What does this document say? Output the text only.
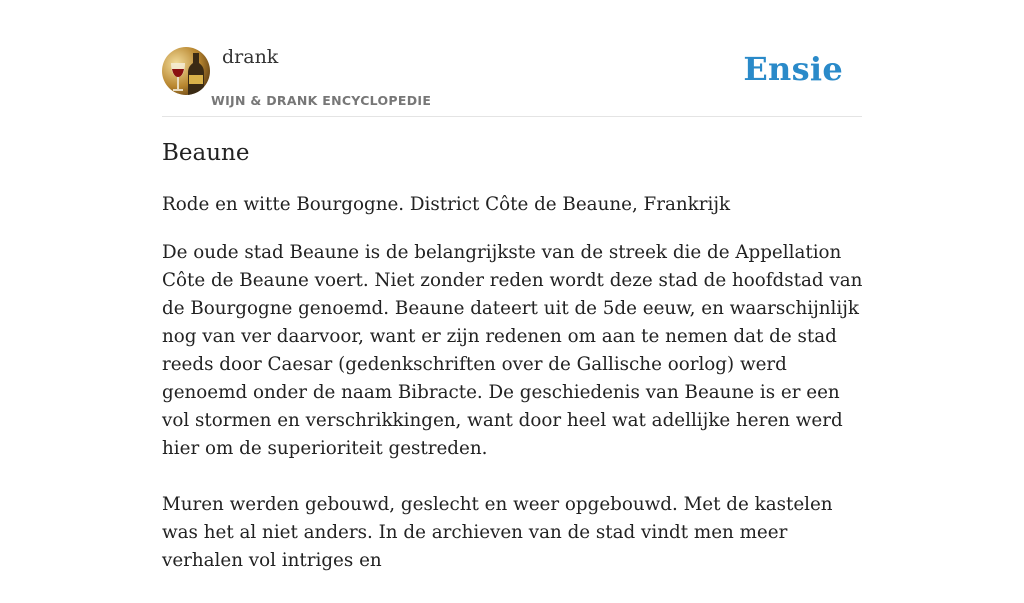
drank
WIJN & DRANK ENCYCLOPEDIE
Ensie
Beaune
Rode en witte Bourgogne. District Côte de Beaune, Frankrijk

De oude stad Beaune is de belangrijkste van de streek die de Appellation Côte de Beaune voert. Niet zonder reden wordt deze stad de hoofdstad van de Bourgogne genoemd. Beaune dateert uit de 5de eeuw, en waarschijnlijk nog van ver daarvoor, want er zijn redenen om aan te nemen dat de stad reeds door Caesar (gedenkschriften over de Gallische oorlog) werd genoemd onder de naam Bibracte. De geschiedenis van Beaune is er een vol stormen en verschrikkingen, want door heel wat adellijke heren werd hier om de superioriteit gestreden.

Muren werden gebouwd, geslecht en weer opgebouwd. Met de kastelen was het al niet anders. In de archieven van de stad vindt men meer verhalen vol intriges en
